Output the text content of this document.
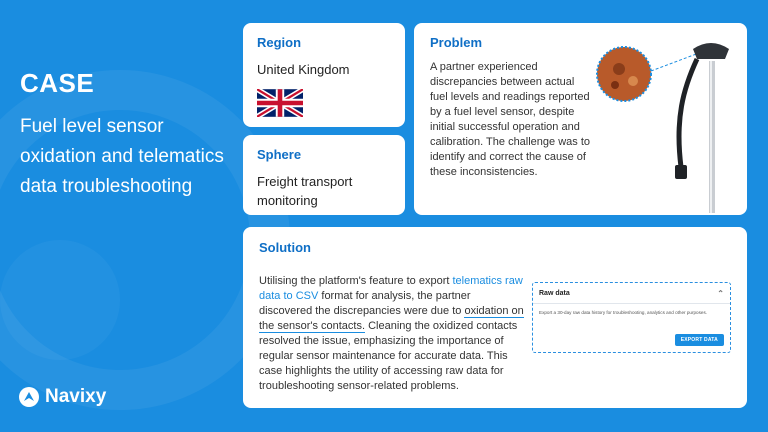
CASE
Fuel level sensor oxidation and telematics data troubleshooting
Navixy
Region
United Kingdom
Sphere
Freight transport monitoring
Problem
A partner experienced discrepancies between actual fuel levels and readings reported by a fuel level sensor, despite initial successful operation and calibration. The challenge was to identify and correct the cause of these inconsistencies.
Solution
Utilising the platform's feature to export telematics raw data to CSV format for analysis, the partner discovered the discrepancies were due to oxidation on the sensor's contacts. Cleaning the oxidized contacts resolved the issue, emphasizing the importance of regular sensor maintenance for accurate data. This case highlights the utility of accessing raw data for troubleshooting sensor-related problems.
Raw data	⌃
Export a 30-day raw data history for troubleshooting, analytics and other purposes.
EXPORT DATA
